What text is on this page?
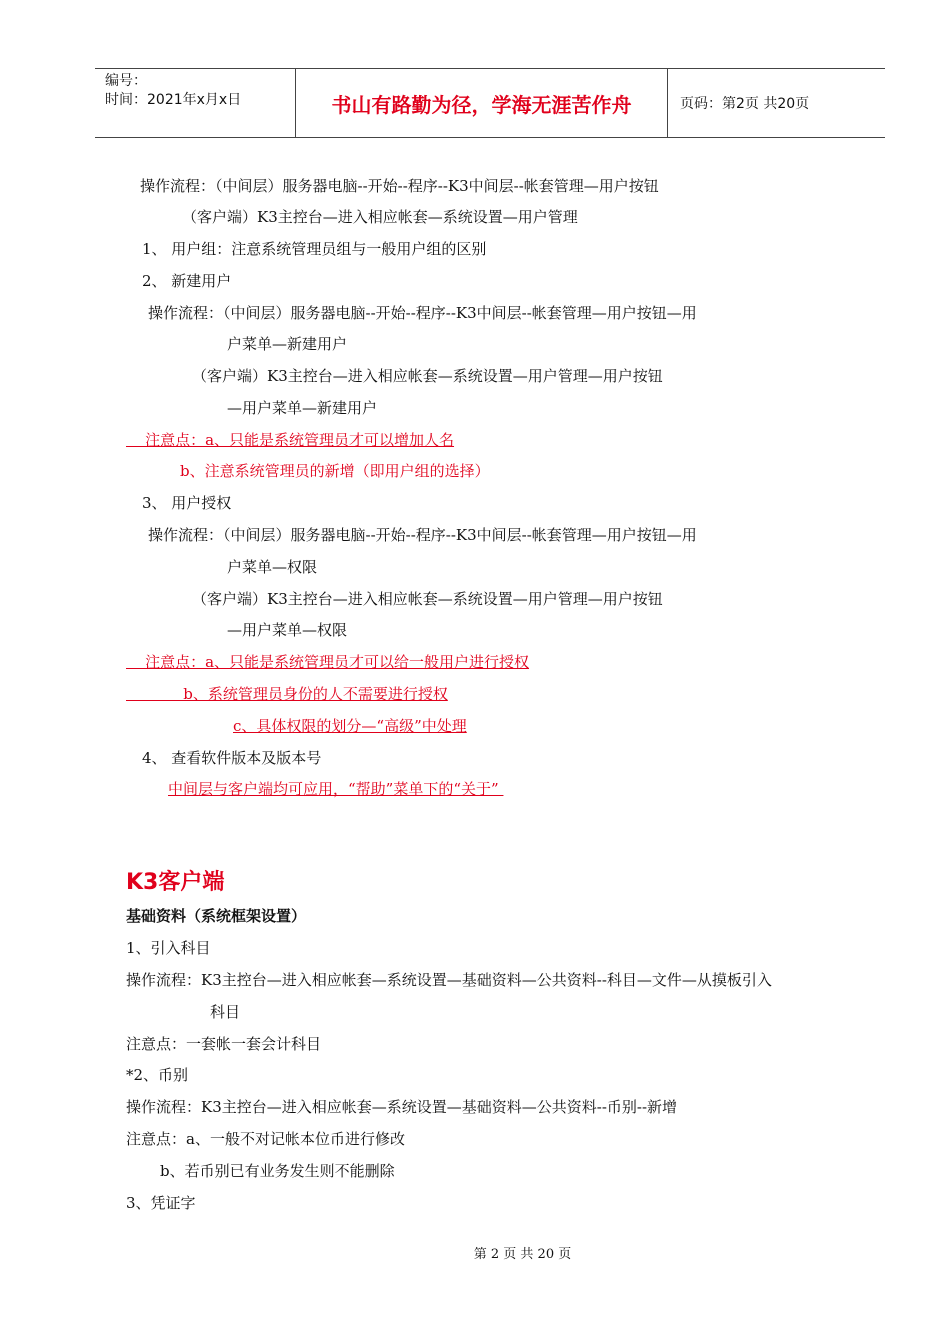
编号：
时间：2021年x月x日	书山有路勤为径，学海无涯苦作舟	页码：第2页 共20页
操作流程：（中间层）服务器电脑--开始--程序--K3中间层--帐套管理—用户按钮
（客户端）K3主控台—进入相应帐套—系统设置—用户管理
1、 用户组：注意系统管理员组与一般用户组的区别
2、 新建用户
操作流程：（中间层）服务器电脑--开始--程序--K3中间层--帐套管理—用户按钮—用
户菜单—新建用户
（客户端）K3主控台—进入相应帐套—系统设置—用户管理—用户按钮
—用户菜单—新建用户
注意点：a、只能是系统管理员才可以增加人名
b、注意系统管理员的新增（即用户组的选择）
3、 用户授权
操作流程：（中间层）服务器电脑--开始--程序--K3中间层--帐套管理—用户按钮—用
户菜单—权限
（客户端）K3主控台—进入相应帐套—系统设置—用户管理—用户按钮
—用户菜单—权限
注意点：a、只能是系统管理员才可以给一般用户进行授权
b、系统管理员身份的人不需要进行授权
c、具体权限的划分—“高级”中处理
4、 查看软件版本及版本号
中间层与客户端均可应用，“帮助”菜单下的“关于”
K3客户端
基础资料（系统框架设置）
1、引入科目
操作流程：K3主控台—进入相应帐套—系统设置—基础资料—公共资料--科目—文件—从摸板引入
科目
注意点：一套帐一套会计科目
*2、币别
操作流程：K3主控台—进入相应帐套—系统设置—基础资料—公共资料--币别--新增
注意点：a、一般不对记帐本位币进行修改
b、若币别已有业务发生则不能删除
3、凭证字
第 2 页 共 20 页
